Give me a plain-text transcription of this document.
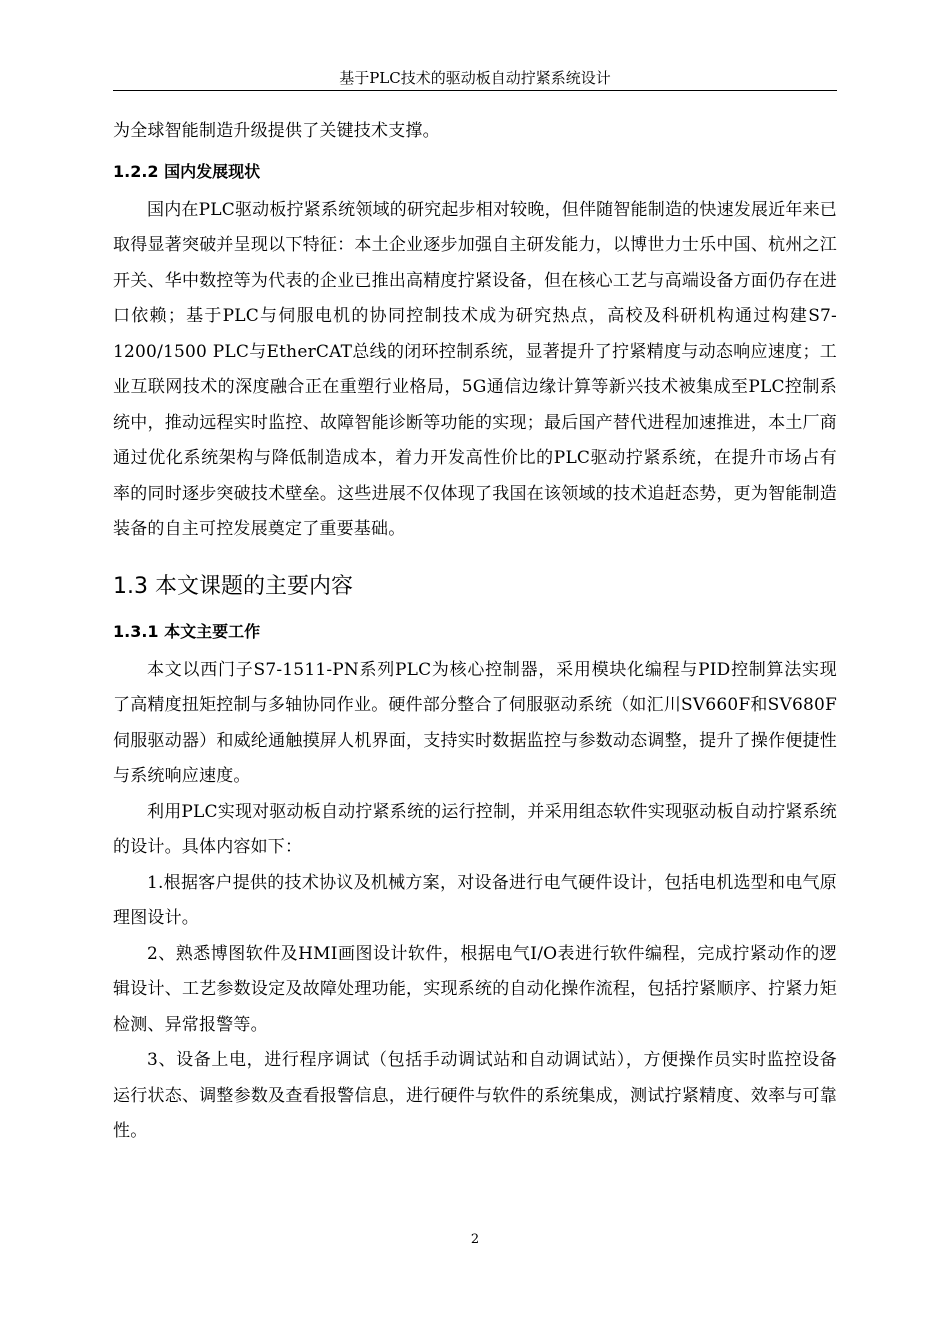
基于PLC技术的驱动板自动拧紧系统设计

为全球智能制造升级提供了关键技术支撑。

1.2.2 国内发展现状

国内在PLC驱动板拧紧系统领域的研究起步相对较晚，但伴随智能制造的快速发展近年来已取得显著突破并呈现以下特征：本土企业逐步加强自主研发能力，以博世力士乐中国、杭州之江开关、华中数控等为代表的企业已推出高精度拧紧设备，但在核心工艺与高端设备方面仍存在进口依赖；基于PLC与伺服电机的协同控制技术成为研究热点，高校及科研机构通过构建S7-1200/1500 PLC与EtherCAT总线的闭环控制系统，显著提升了拧紧精度与动态响应速度；工业互联网技术的深度融合正在重塑行业格局，5G通信边缘计算等新兴技术被集成至PLC控制系统中，推动远程实时监控、故障智能诊断等功能的实现；最后国产替代进程加速推进，本土厂商通过优化系统架构与降低制造成本，着力开发高性价比的PLC驱动拧紧系统，在提升市场占有率的同时逐步突破技术壁垒。这些进展不仅体现了我国在该领域的技术追赶态势，更为智能制造装备的自主可控发展奠定了重要基础。

1.3 本文课题的主要内容
1.3.1 本文主要工作

本文以西门子S7-1511-PN系列PLC为核心控制器，采用模块化编程与PID控制算法实现了高精度扭矩控制与多轴协同作业。硬件部分整合了伺服驱动系统（如汇川SV660F和SV680F伺服驱动器）和威纶通触摸屏人机界面，支持实时数据监控与参数动态调整，提升了操作便捷性与系统响应速度。

利用PLC实现对驱动板自动拧紧系统的运行控制，并采用组态软件实现驱动板自动拧紧系统的设计。具体内容如下：

1.根据客户提供的技术协议及机械方案，对设备进行电气硬件设计，包括电机选型和电气原理图设计。

2、熟悉博图软件及HMI画图设计软件，根据电气I/O表进行软件编程，完成拧紧动作的逻辑设计、工艺参数设定及故障处理功能，实现系统的自动化操作流程，包括拧紧顺序、拧紧力矩检测、异常报警等。

3、设备上电，进行程序调试（包括手动调试站和自动调试站），方便操作员实时监控设备运行状态、调整参数及查看报警信息，进行硬件与软件的系统集成，测试拧紧精度、效率与可靠性。

2
